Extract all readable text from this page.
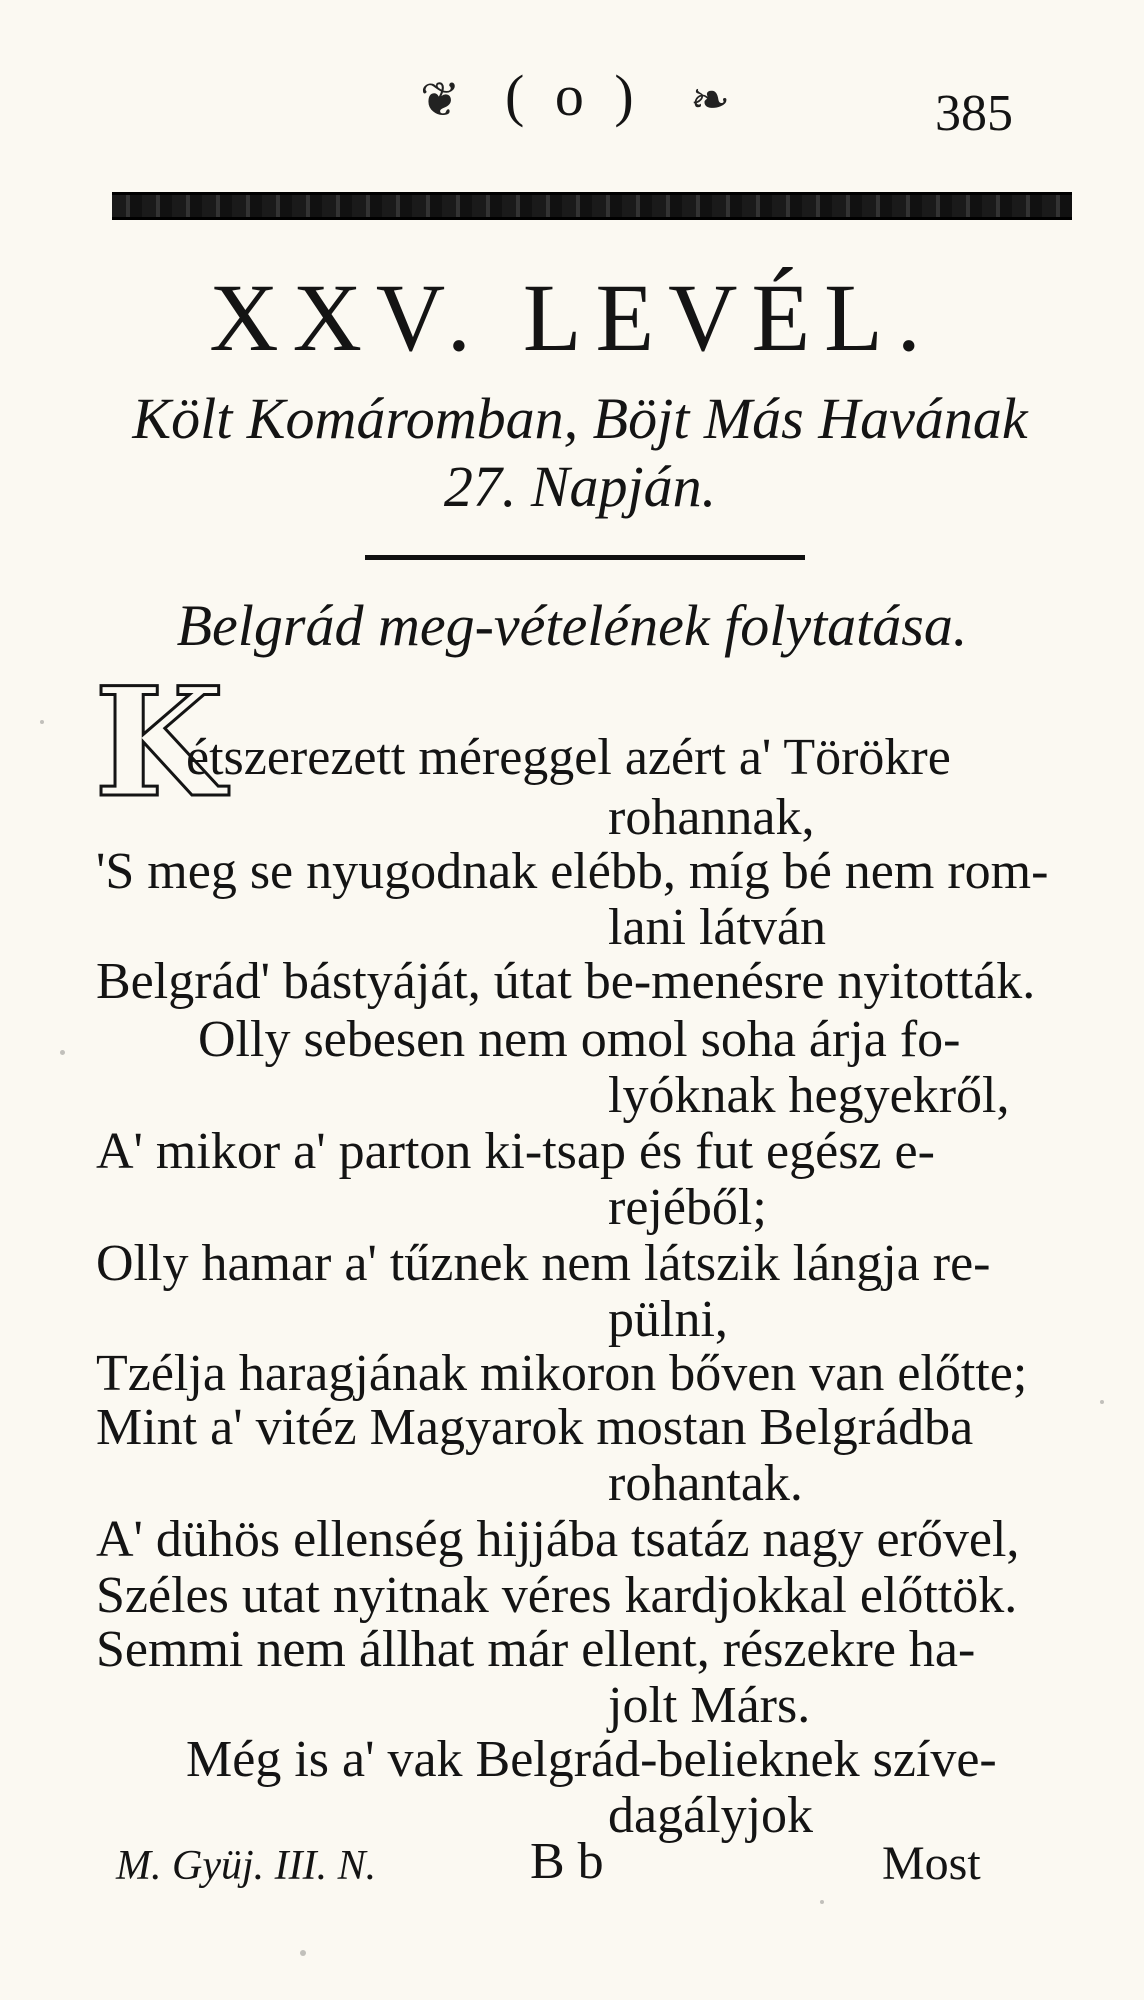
❦ ( o ) ❧	385
XXV. LEVÉL.
Költ Komáromban, Böjt Más Havának
27. Napján.
Belgrád meg-vételének folytatása.
K
étszerezett méreggel azért a' Törökre
rohannak,
'S meg se nyugodnak elébb, míg bé nem rom-
lani látván
Belgrád' bástyáját, útat be-menésre nyitották.
Olly sebesen nem omol soha árja fo-
lyóknak hegyekről,
A' mikor a' parton ki-tsap és fut egész e-
rejéből;
Olly hamar a' tűznek nem látszik lángja re-
pülni,
Tzélja haragjának mikoron bőven van előtte;
Mint a' vitéz Magyarok mostan Belgrádba
rohantak.
A' dühös ellenség hijjába tsatáz nagy erővel,
Széles utat nyitnak véres kardjokkal előttök.
Semmi nem állhat már ellent, részekre ha-
jolt Márs.
Még is a' vak Belgrád-belieknek szíve-
dagályjok
M. Gyüj. III. N.	B b	Most
